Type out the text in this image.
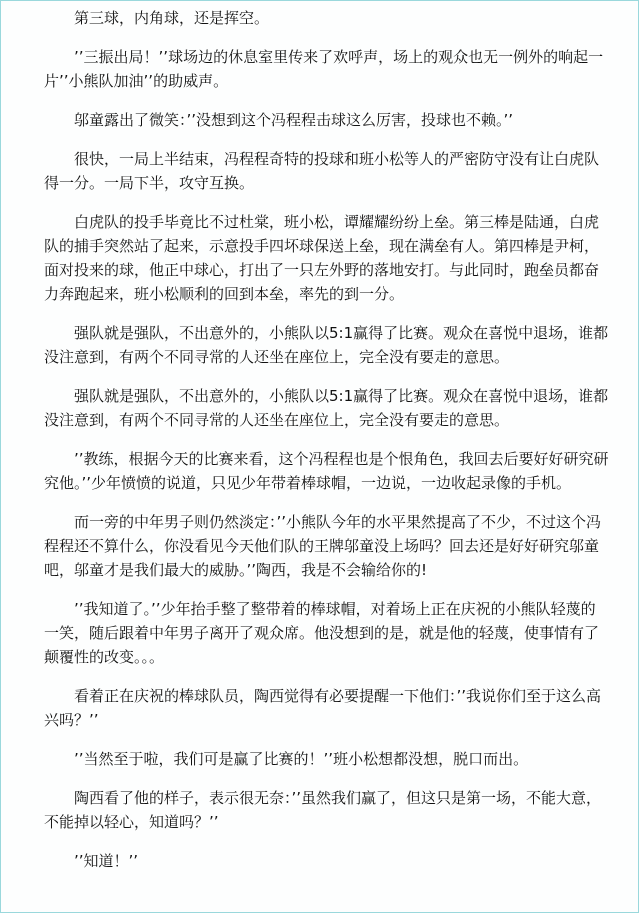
第三球，内角球，还是挥空。

’’三振出局！’’球场边的休息室里传来了欢呼声，场上的观众也无一例外的响起一片’’小熊队加油’’的助威声。

邬童露出了微笑：’’没想到这个冯程程击球这么厉害，投球也不赖。’’

很快，一局上半结束，冯程程奇特的投球和班小松等人的严密防守没有让白虎队得一分。一局下半，攻守互换。

白虎队的投手毕竟比不过杜棠，班小松，谭耀耀纷纷上垒。第三棒是陆通，白虎队的捕手突然站了起来，示意投手四坏球保送上垒，现在满垒有人。第四棒是尹柯，面对投来的球，他正中球心，打出了一只左外野的落地安打。与此同时，跑垒员都奋力奔跑起来，班小松顺利的回到本垒，率先的到一分。

强队就是强队，不出意外的，小熊队以5:1赢得了比赛。观众在喜悦中退场，谁都没注意到，有两个不同寻常的人还坐在座位上，完全没有要走的意思。

强队就是强队，不出意外的，小熊队以5:1赢得了比赛。观众在喜悦中退场，谁都没注意到，有两个不同寻常的人还坐在座位上，完全没有要走的意思。

’’教练，根据今天的比赛来看，这个冯程程也是个恨角色，我回去后要好好研究研究他。’’少年愤愤的说道，只见少年带着棒球帽，一边说，一边收起录像的手机。

而一旁的中年男子则仍然淡定：’’小熊队今年的水平果然提高了不少，不过这个冯程程还不算什么，你没看见今天他们队的王牌邬童没上场吗？回去还是好好研究邬童吧，邬童才是我们最大的威胁。’’陶西，我是不会输给你的!

’’我知道了。’’少年抬手整了整带着的棒球帽，对着场上正在庆祝的小熊队轻蔑的一笑，随后跟着中年男子离开了观众席。他没想到的是，就是他的轻蔑，使事情有了颠覆性的改变。。。

看着正在庆祝的棒球队员，陶西觉得有必要提醒一下他们：’’我说你们至于这么高兴吗？’’

’’当然至于啦，我们可是赢了比赛的！’’班小松想都没想，脱口而出。

陶西看了他的样子，表示很无奈：’’虽然我们赢了，但这只是第一场，不能大意，不能掉以轻心，知道吗？’’

’’知道！’’
